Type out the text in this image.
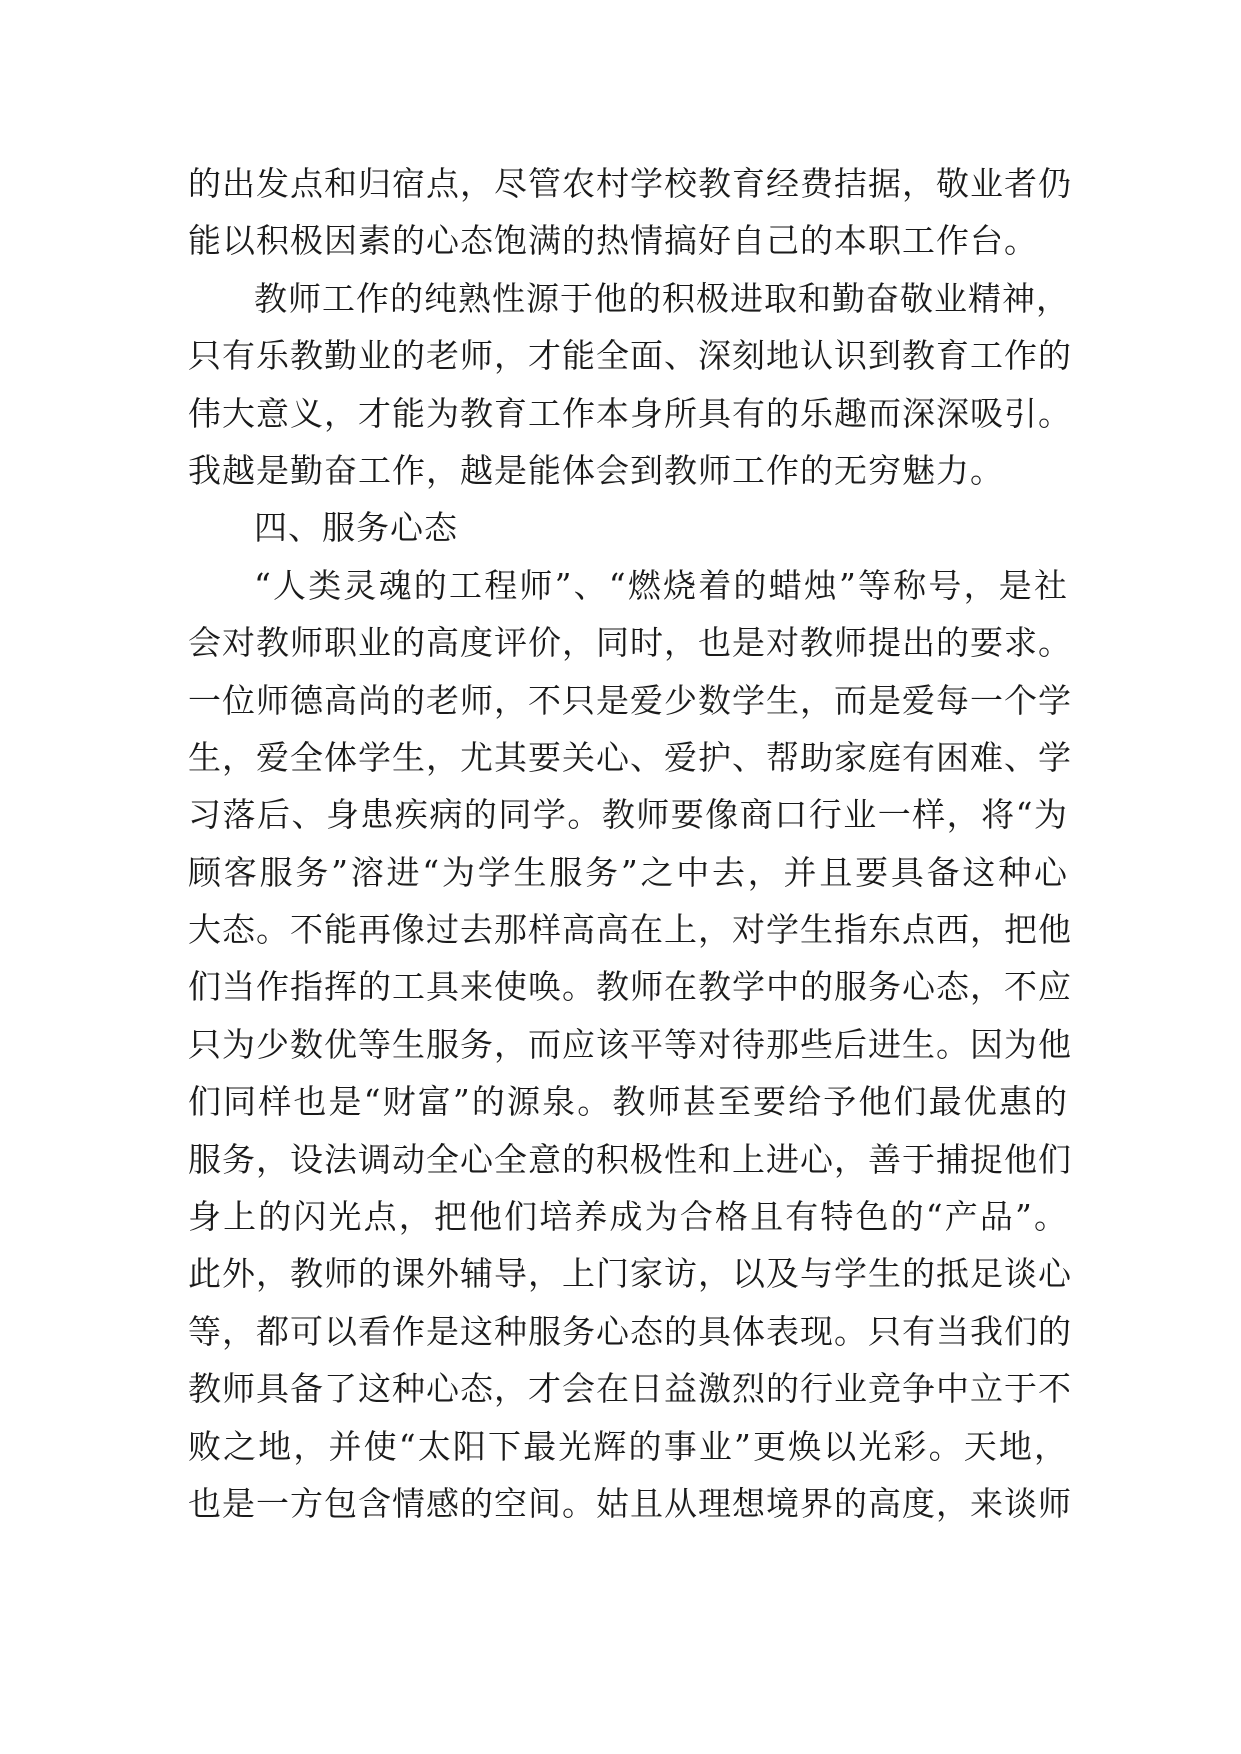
的出发点和归宿点，尽管农村学校教育经费拮据，敬业者仍
能以积极因素的心态饱满的热情搞好自己的本职工作台。
教师工作的纯熟性源于他的积极进取和勤奋敬业精神，
只有乐教勤业的老师，才能全面、深刻地认识到教育工作的
伟大意义，才能为教育工作本身所具有的乐趣而深深吸引。
我越是勤奋工作，越是能体会到教师工作的无穷魅力。
四、服务心态
“人类灵魂的工程师”、“燃烧着的蜡烛”等称号，是社
会对教师职业的高度评价，同时，也是对教师提出的要求。
一位师德高尚的老师，不只是爱少数学生，而是爱每一个学
生，爱全体学生，尤其要关心、爱护、帮助家庭有困难、学
习落后、身患疾病的同学。教师要像商口行业一样，将“为
顾客服务”溶进“为学生服务”之中去，并且要具备这种心
大态。不能再像过去那样高高在上，对学生指东点西，把他
们当作指挥的工具来使唤。教师在教学中的服务心态，不应
只为少数优等生服务，而应该平等对待那些后进生。因为他
们同样也是“财富”的源泉。教师甚至要给予他们最优惠的
服务，设法调动全心全意的积极性和上进心，善于捕捉他们
身上的闪光点，把他们培养成为合格且有特色的“产品”。
此外，教师的课外辅导，上门家访，以及与学生的抵足谈心
等，都可以看作是这种服务心态的具体表现。只有当我们的
教师具备了这种心态，才会在日益激烈的行业竞争中立于不
败之地，并使“太阳下最光辉的事业”更焕以光彩。天地，
也是一方包含情感的空间。姑且从理想境界的高度，来谈师
